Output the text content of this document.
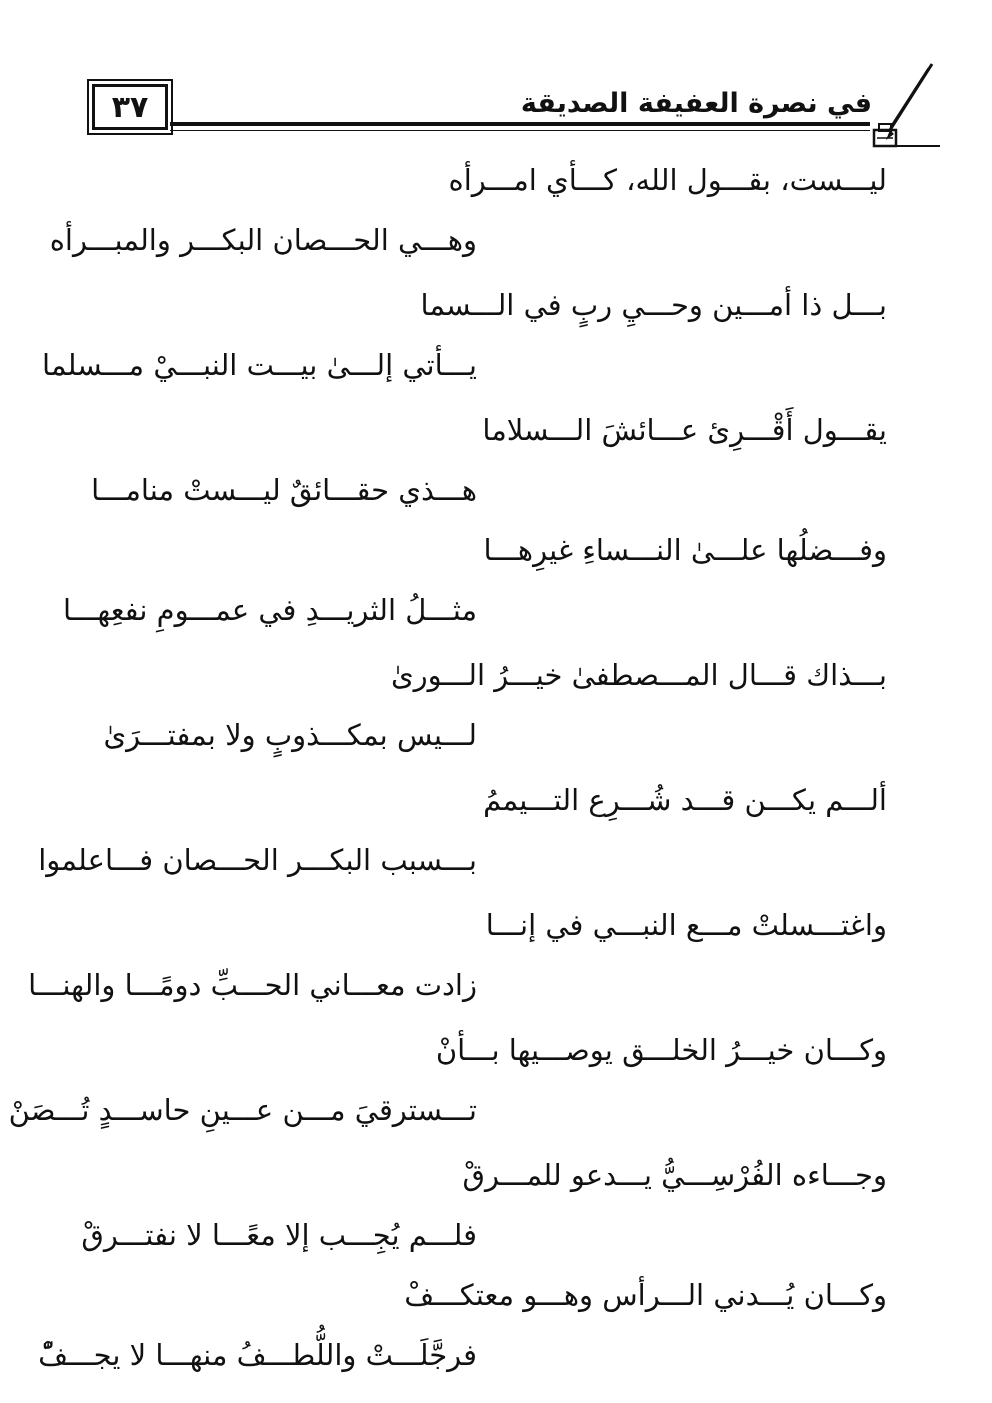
٣٧	في نصرة العفيفة الصديقة
ليـــست، بقـــول الله، كـــأي امـــرأه
وهـــي الحـــصان البكـــر والمبـــرأه
بـــل ذا أمـــين وحـــيِ ربٍ في الـــسما
يـــأتي إلـــىٰ بيـــت النبـــيْ مـــسلما
يقـــول أَقْـــرِئ عـــائشَ الـــسلاما
هـــذي حقـــائقٌ ليـــستْ منامـــا
وفـــضلُها علـــىٰ النـــساءِ غيرِهـــا
مثـــلُ الثريـــدِ في عمـــومِ نفعِهـــا
بـــذاك قـــال المـــصطفىٰ خيـــرُ الـــورىٰ
لـــيس بمكـــذوبٍ ولا بمفتـــرَىٰ
ألـــم يكـــن قـــد شُـــرِع التـــيممُ
بـــسبب البكـــر الحـــصان فـــاعلموا
واغتـــسلتْ مـــع النبـــي في إنـــا
زادت معـــاني الحـــبِّ دومًـــا والهنـــا
وكـــان خيـــرُ الخلـــق يوصـــيها بـــأنْ
تـــسترقيَ مـــن عـــينِ حاســـدٍ تُـــصَنْ
وجـــاءه الفُرْسِـــيُّ يـــدعو للمـــرقْ
فلـــم يُجِـــب إلا معًـــا لا نفتـــرقْ
وكـــان يُـــدني الـــرأس وهـــو معتكـــفْ
فرجَّلَـــتْ واللُّطـــفُ منهـــا لا يجـــفّْ
